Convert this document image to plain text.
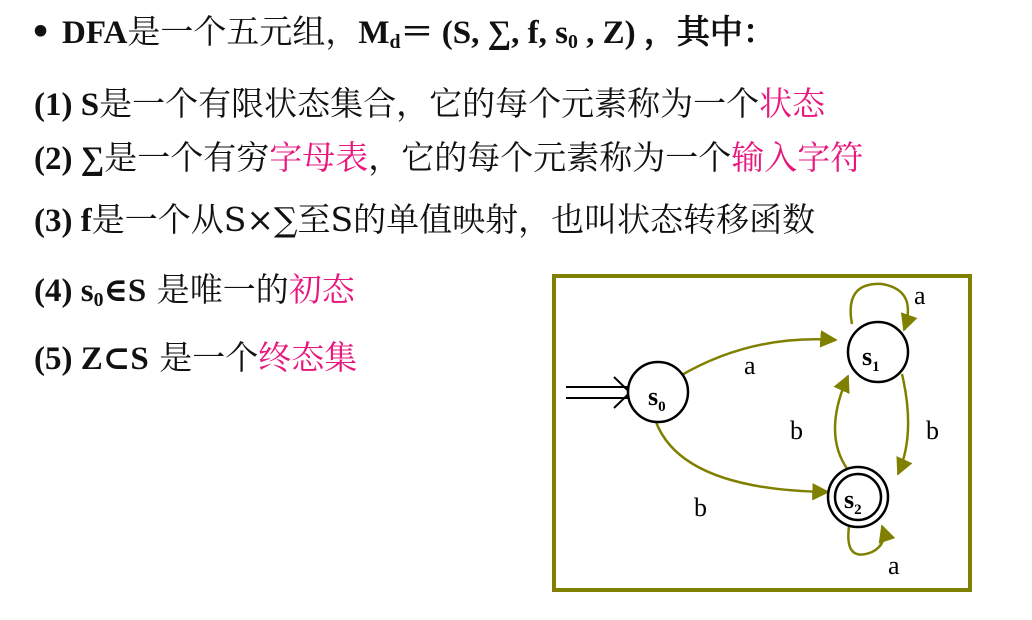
• DFA是一个五元组，$M_d= (S$, ∑, f, $s_0$ , Z) ，其中：
(1) S是一个有限状态集合，它的每个元素称为一个状态
(2) ∑是一个有穷字母表，它的每个元素称为一个输入字符
(3) f是一个从S×∑至S的单值映射，也叫状态转移函数
(4) $s_0\in S$ 是唯一的初态
(5) Z⊂S 是一个终态集
$s_0$
$s_1$
$s_2$
a
b
a
b
b
a
